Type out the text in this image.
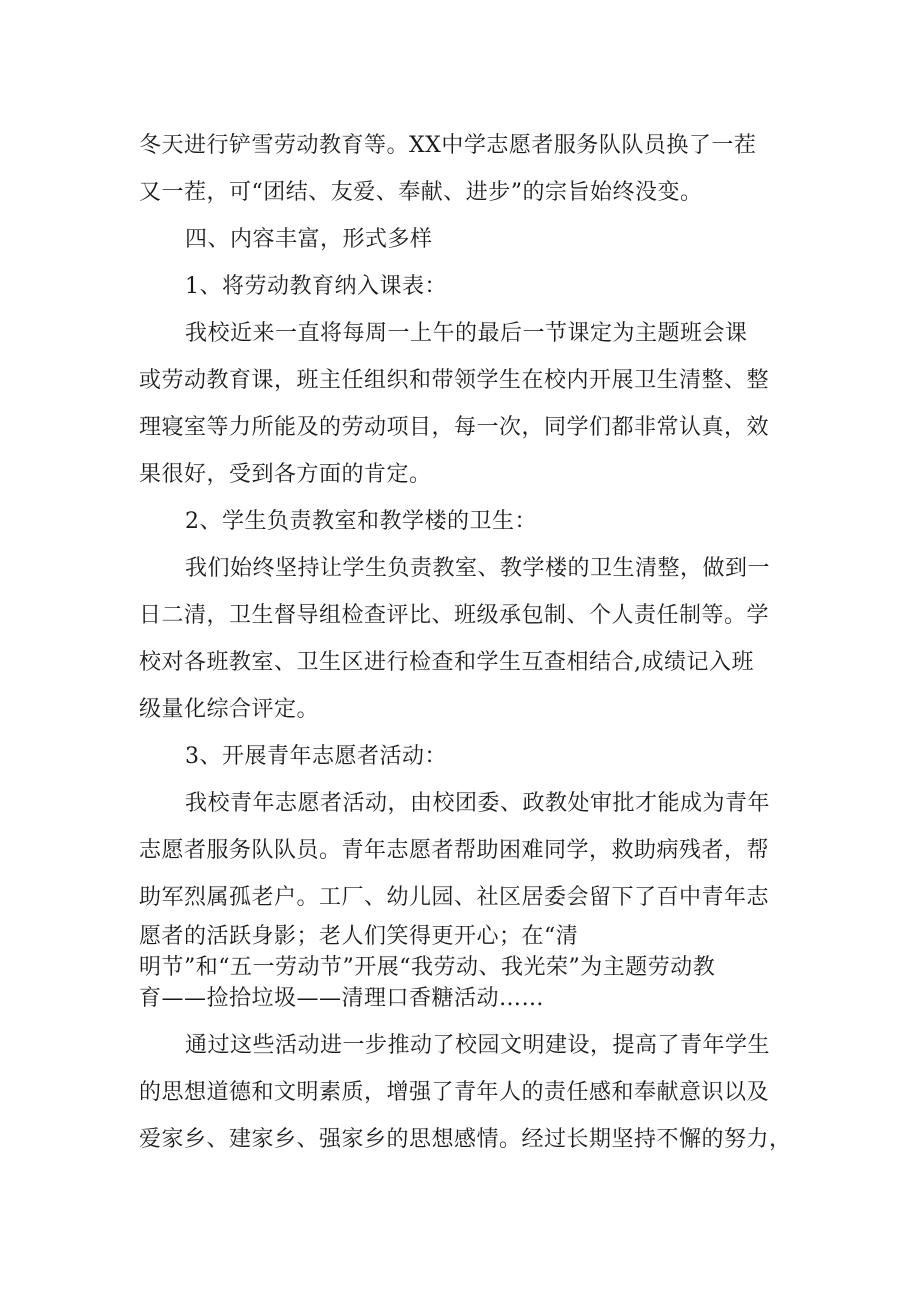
冬天进行铲雪劳动教育等。XX中学志愿者服务队队员换了一茬
又一茬，可“团结、友爱、奉献、进步”的宗旨始终没变。
四、内容丰富，形式多样
1、将劳动教育纳入课表：
我校近来一直将每周一上午的最后一节课定为主题班会课
或劳动教育课，班主任组织和带领学生在校内开展卫生清整、整
理寝室等力所能及的劳动项目，每一次，同学们都非常认真，效
果很好，受到各方面的肯定。
2、学生负责教室和教学楼的卫生：
我们始终坚持让学生负责教室、教学楼的卫生清整，做到一
日二清，卫生督导组检查评比、班级承包制、个人责任制等。学
校对各班教室、卫生区进行检查和学生互查相结合,成绩记入班
级量化综合评定。
3、开展青年志愿者活动：
我校青年志愿者活动，由校团委、政教处审批才能成为青年
志愿者服务队队员。青年志愿者帮助困难同学，救助病残者，帮
助军烈属孤老户。工厂、幼儿园、社区居委会留下了百中青年志
愿者的活跃身影；老人们笑得更开心；在“清
明节”和“五一劳动节”开展“我劳动、我光荣”为主题劳动教
育——捡拾垃圾——清理口香糖活动……
通过这些活动进一步推动了校园文明建设，提高了青年学生
的思想道德和文明素质，增强了青年人的责任感和奉献意识以及
爱家乡、建家乡、强家乡的思想感情。经过长期坚持不懈的努力，
